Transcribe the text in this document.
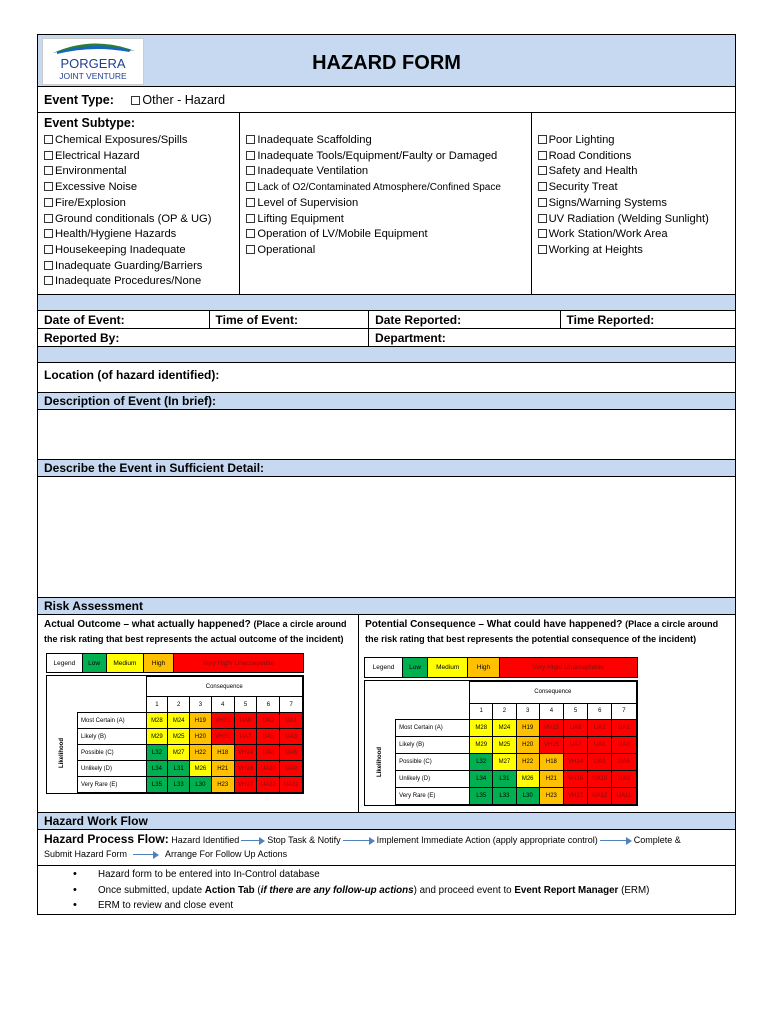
PORGERA
JOINT VENTURE
HAZARD FORM
Event Type: Other - Hazard
Event Subtype:
Chemical Exposures/Spills
Electrical Hazard
Environmental
Excessive Noise
Fire/Explosion
Ground conditionals (OP & UG)
Health/Hygiene Hazards
Housekeeping Inadequate
Inadequate Guarding/Barriers
Inadequate Procedures/None
Inadequate Scaffolding
Inadequate Tools/Equipment/Faulty or Damaged
Inadequate Ventilation
Lack of O2/Contaminated Atmosphere/Confined Space
Level of Supervision
Lifting Equipment
Operation of LV/Mobile Equipment
Operational
Poor Lighting
Road Conditions
Safety and Health
Security Treat
Signs/Warning Systems
UV Radiation (Welding Sunlight)
Work Station/Work Area
Working at Heights
Date of Event:	Time of Event:	Date Reported:	Time Reported:
Reported By:	Department:
Location (of hazard identified):
Description of Event (In brief):
Describe the Event in Sufficient Detail:
Risk Assessment
Actual Outcome – what actually happened? (Place a circle around the risk rating that best represents the actual outcome of the incident)
Legend	Low	Medium	High	Very High/ Unacceptable
		Consequence						
		1	2	3	4	5	6	7

Likelihood	Most Certain (A)	M28	M24	H19	VH15	UA8	UA2	UA1
	Likely (B)	M29	M25	H20	VH15	UA7	UA5	UA3
	Possible (C)	L32	M27	H22	H18	VH14	UA8	UA6
	Unlikely (D)	L34	L31	M26	H21	VH16	UA10	UA9
	Very Rare (E)	L35	L33	L30	H23	VH17	UA12	UA11
Potential Consequence – What could have happened? (Place a circle around the risk rating that best represents the potential consequence of the incident)
Legend	Low	Medium	High	Very High/ Unacceptable
		Consequence						
		1	2	3	4	5	6	7

Likelihood	Most Certain (A)	M28	M24	H19	VH15	UA8	UA2	UA1
	Likely (B)	M29	M25	H20	VH15	UA7	UA5	UA3
	Possible (C)	L32	M27	H22	H18	VH14	UA8	UA6
	Unlikely (D)	L34	L31	M26	H21	VH16	UA10	UA9
	Very Rare (E)	L35	L33	L30	H23	VH17	UA12	UA11
Hazard Work Flow
Hazard Process Flow: Hazard Identified	Stop Task & Notify	Implement Immediate Action (apply appropriate control)	Complete &
Submit Hazard Form	Arrange For Follow Up Actions
• Hazard form to be entered into In-Control database
• Once submitted, update Action Tab (if there are any follow-up actions) and proceed event to Event Report Manager (ERM)
• ERM to review and close event
